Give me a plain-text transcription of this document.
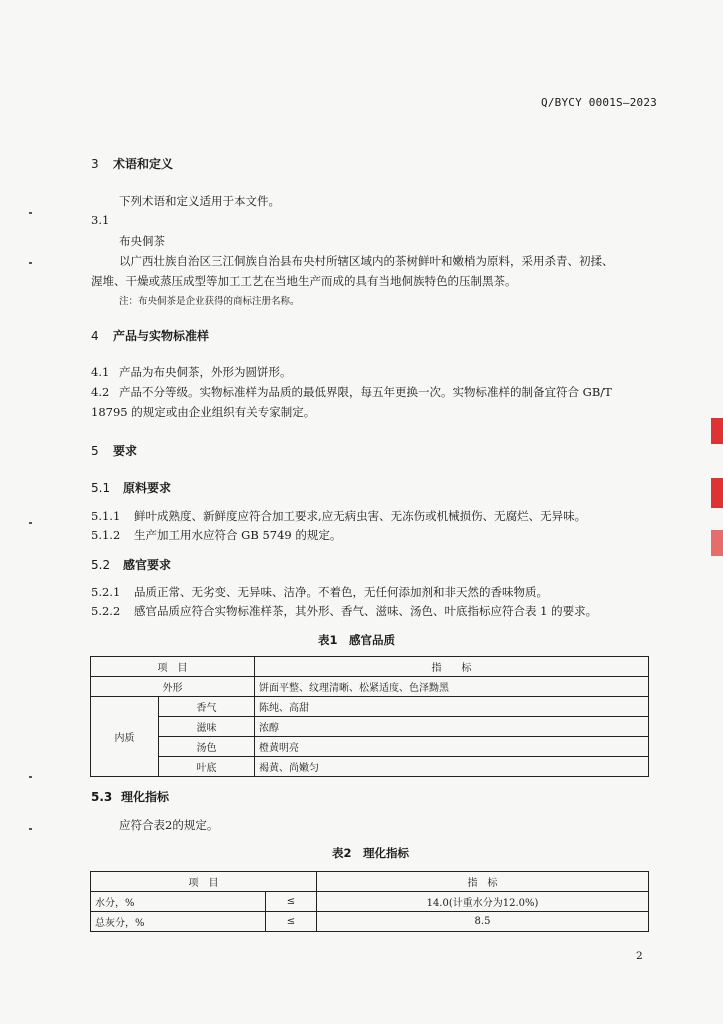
Q/BYCY 0001S—2023
3 术语和定义
下列术语和定义适用于本文件。
3.1
布央侗茶
以广西壮族自治区三江侗族自治县布央村所辖区域内的茶树鲜叶和嫩梢为原料，采用杀青、初揉、
渥堆、干燥或蒸压成型等加工工艺在当地生产而成的具有当地侗族特色的压制黑茶。
注：布央侗茶是企业获得的商标注册名称。
4 产品与实物标准样
4.1 产品为布央侗茶，外形为圆饼形。
4.2 产品不分等级。实物标准样为品质的最低界限，每五年更换一次。实物标准样的制备宜符合 GB/T
18795 的规定或由企业组织有关专家制定。
5 要求
5.1 原料要求
5.1.1 鲜叶成熟度、新鲜度应符合加工要求,应无病虫害、无冻伤或机械损伤、无腐烂、无异味。
5.1.2 生产加工用水应符合 GB 5749 的规定。
5.2 感官要求
5.2.1 品质正常、无劣变、无异味、洁净。不着色，无任何添加剂和非天然的香味物质。
5.2.2 感官品质应符合实物标准样茶，其外形、香气、滋味、汤色、叶底指标应符合表 1 的要求。
表1　感官品质
项　目		指　　标
外形		饼面平整、纹理清晰、松紧适度、色泽黝黑
内质	香气	陈纯、高甜
	滋味	浓醇
	汤色	橙黄明亮
	叶底	褐黄、尚嫩匀
5.3 理化指标
应符合表2的规定。
表2　理化指标
项　目		指　标
水分，%	≤	14.0(计重水分为12.0%)
总灰分，%	≤	8.5
2
